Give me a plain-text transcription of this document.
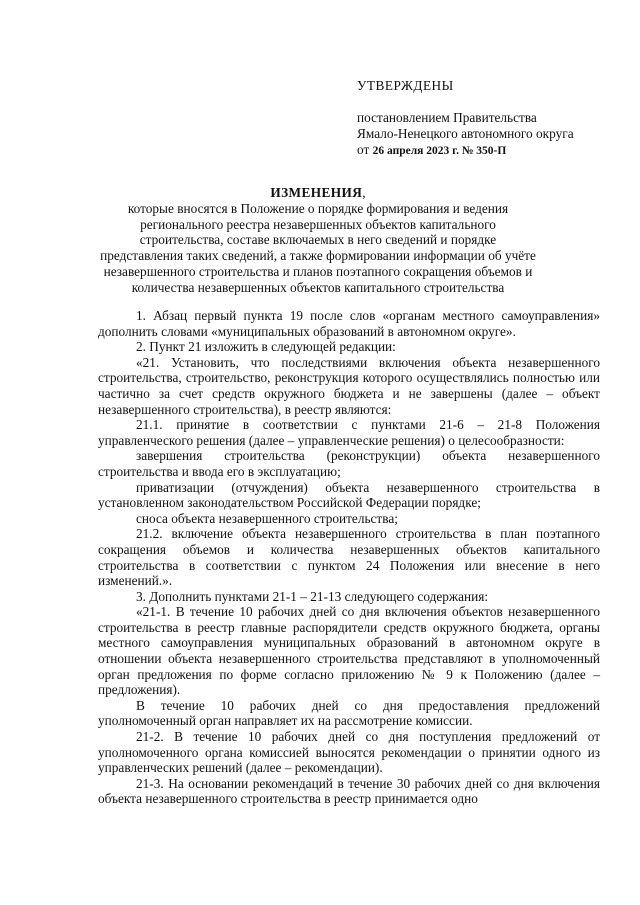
УТВЕРЖДЕНЫ
постановлением Правительства
Ямало-Ненецкого автономного округа
от 26 апреля 2023 г. № 350-П
ИЗМЕНЕНИЯ,
которые вносятся в Положение о порядке формирования и ведения регионального реестра незавершенных объектов капитального строительства, составе включаемых в него сведений и порядке представления таких сведений, а также формировании информации об учёте незавершенного строительства и планов поэтапного сокращения объемов и количества незавершенных объектов капитального строительства

1. Абзац первый пункта 19 после слов «органам местного самоуправления» дополнить словами «муниципальных образований в автономном округе».

2. Пункт 21 изложить в следующей редакции:

«21. Установить, что последствиями включения объекта незавершенного строительства, строительство, реконструкция которого осуществлялись полностью или частично за счет средств окружного бюджета и не завершены (далее – объект незавершенного строительства), в реестр являются:

21.1. принятие в соответствии с пунктами 21-6 – 21-8 Положения управленческого решения (далее – управленческие решения) о целесообразности:

завершения строительства (реконструкции) объекта незавершенного строительства и ввода его в эксплуатацию;

приватизации (отчуждения) объекта незавершенного строительства в установленном законодательством Российской Федерации порядке;

сноса объекта незавершенного строительства;

21.2. включение объекта незавершенного строительства в план поэтапного сокращения объемов и количества незавершенных объектов капитального строительства в соответствии с пунктом 24 Положения или внесение в него изменений.».

3. Дополнить пунктами 21-1 – 21-13 следующего содержания:

«21-1. В течение 10 рабочих дней со дня включения объектов незавершенного строительства в реестр главные распорядители средств окружного бюджета, органы местного самоуправления муниципальных образований в автономном округе в отношении объекта незавершенного строительства представляют в уполномоченный орган предложения по форме согласно приложению № 9 к Положению (далее – предложения).

В течение 10 рабочих дней со дня предоставления предложений уполномоченный орган направляет их на рассмотрение комиссии.

21-2. В течение 10 рабочих дней со дня поступления предложений от уполномоченного органа комиссией выносятся рекомендации о принятии одного из управленческих решений (далее – рекомендации).

21-3. На основании рекомендаций в течение 30 рабочих дней со дня включения объекта незавершенного строительства в реестр принимается одно
